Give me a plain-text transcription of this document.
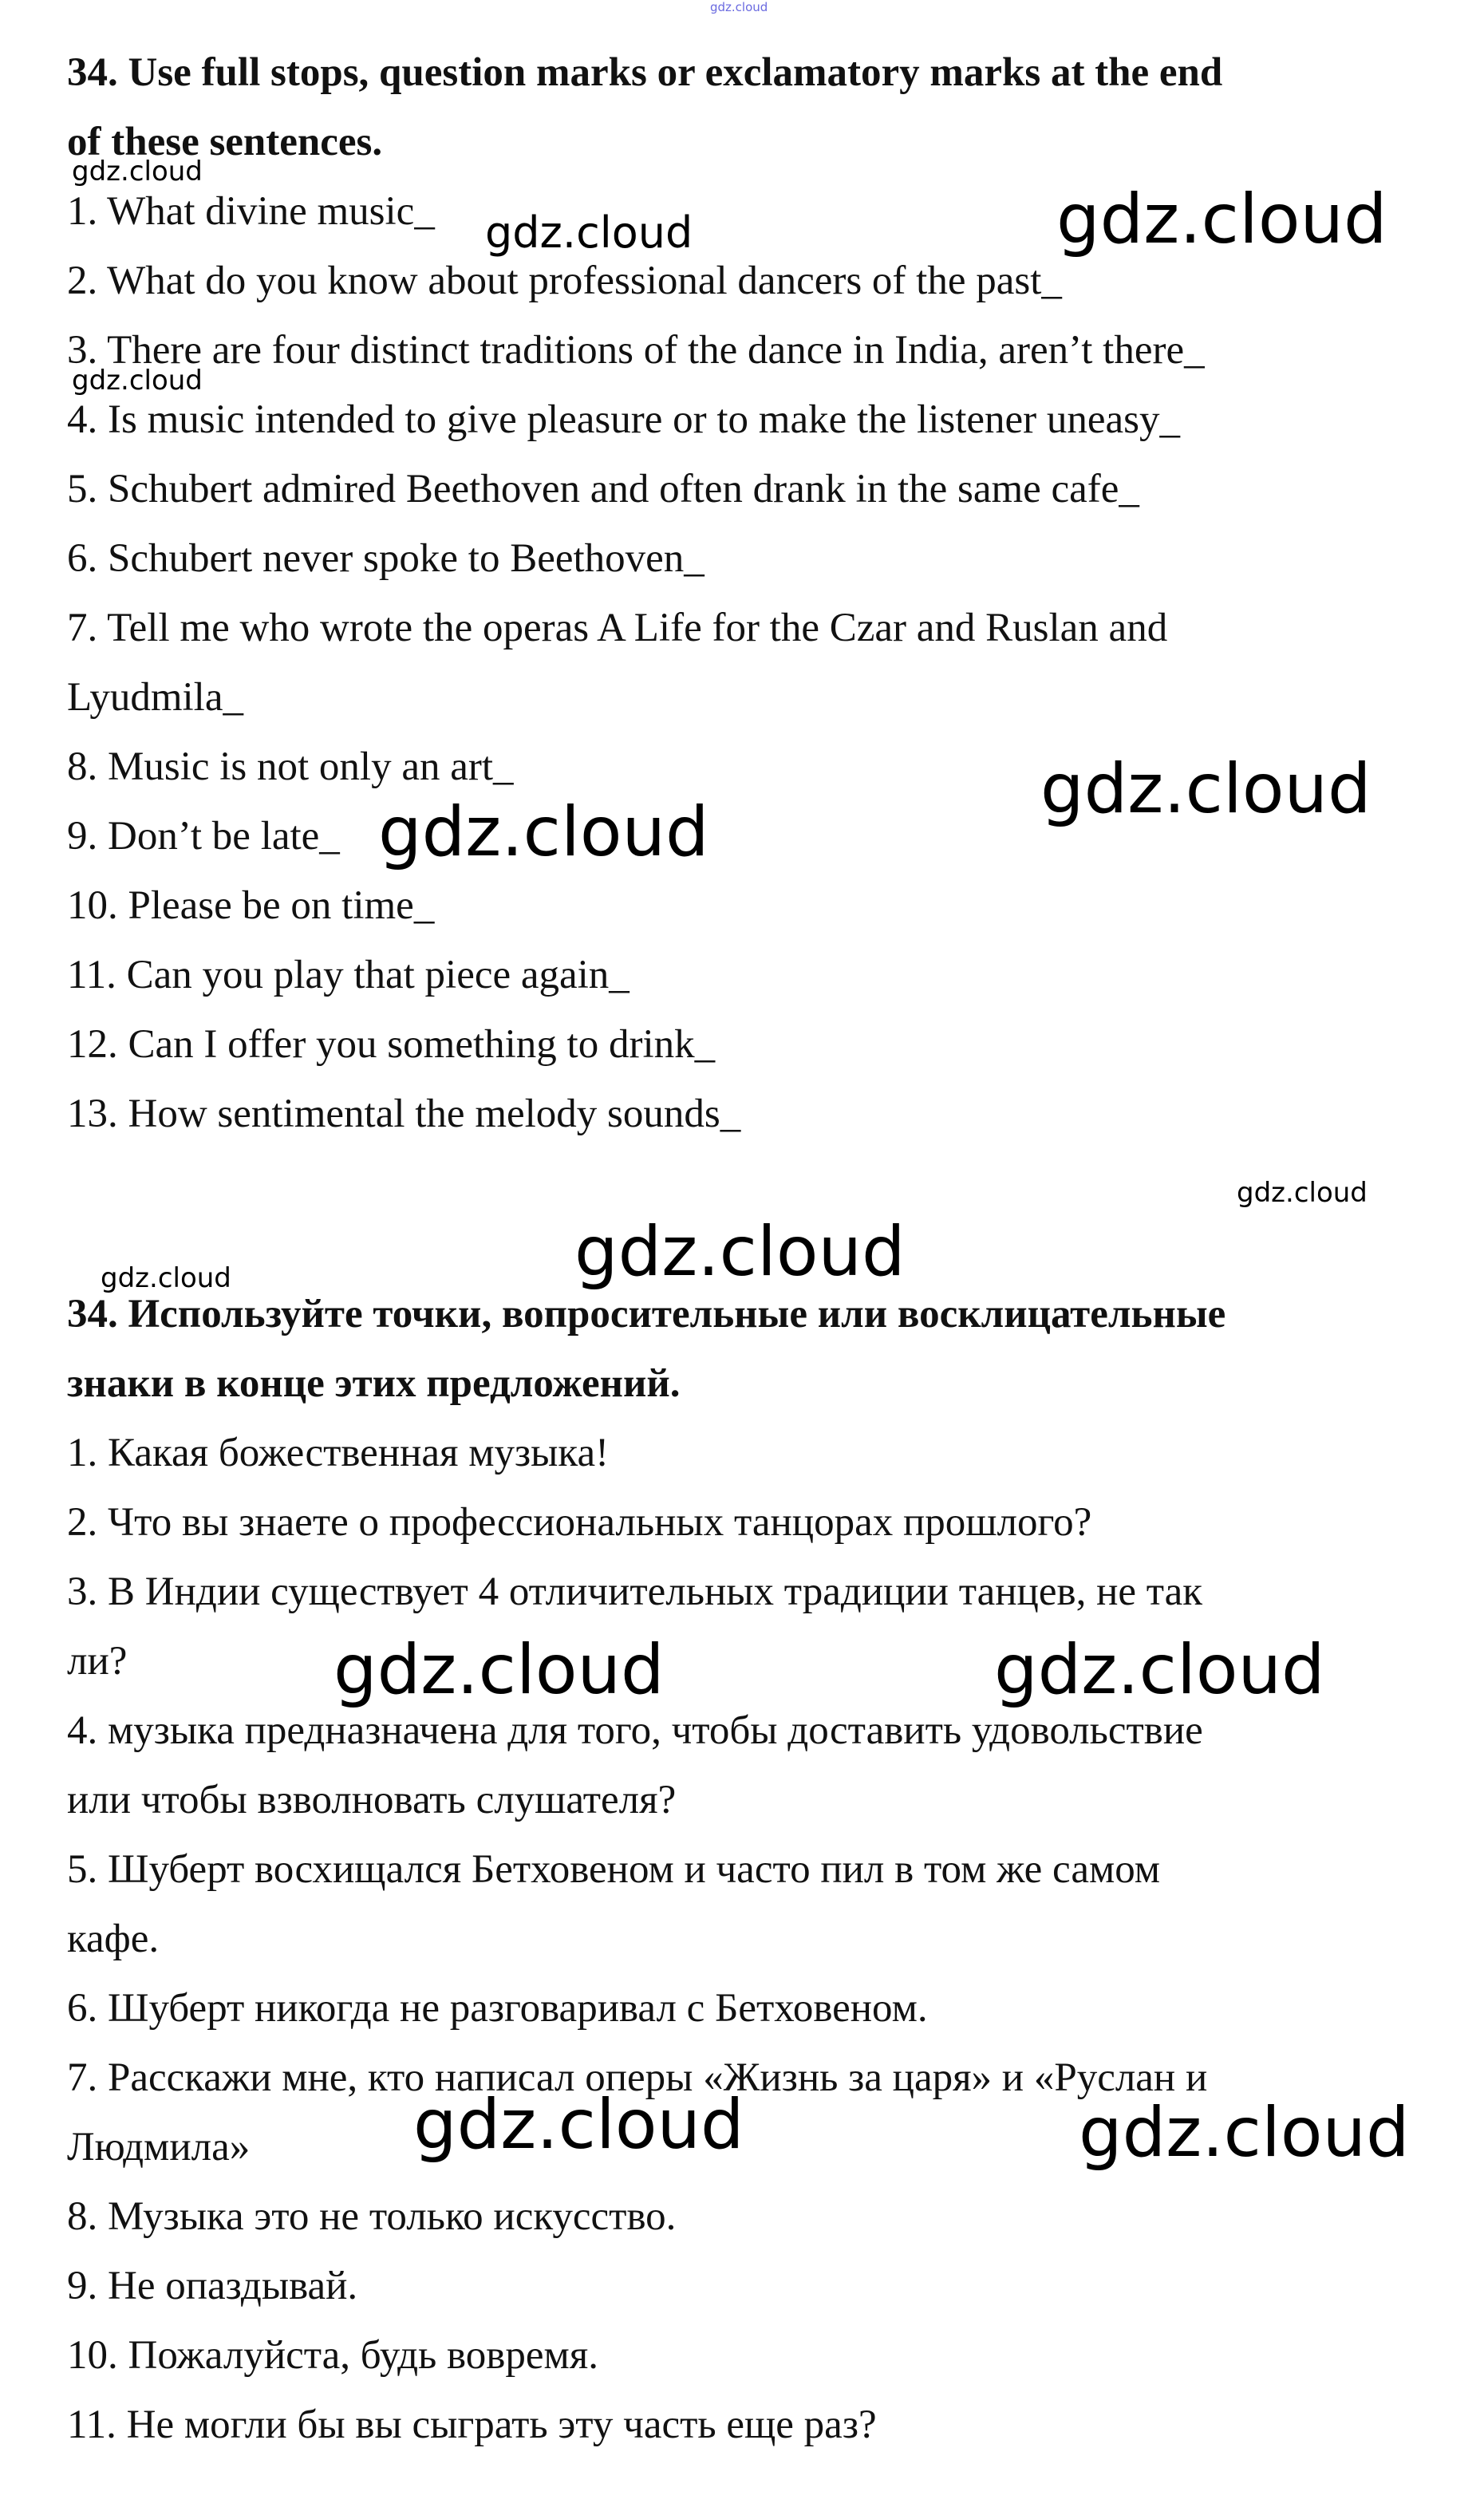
34. Use full stops, question marks or exclamatory marks at the end
of these sentences.
1. What divine music_
2. What do you know about professional dancers of the past_
3. There are four distinct traditions of the dance in India, aren’t there_
4. Is music intended to give pleasure or to make the listener uneasy_
5. Schubert admired Beethoven and often drank in the same cafe_
6. Schubert never spoke to Beethoven_
7. Tell me who wrote the operas A Life for the Czar and Ruslan and
Lyudmila_
8. Music is not only an art_
9. Don’t be late_
10. Please be on time_
11. Can you play that piece again_
12. Can I offer you something to drink_
13. How sentimental the melody sounds_
34. Используйте точки, вопросительные или восклицательные
знаки в конце этих предложений.
1. Какая божественная музыка!
2. Что вы знаете о профессиональных танцорах прошлого?
3. В Индии существует 4 отличительных традиции танцев, не так
ли?
4. музыка предназначена для того, чтобы доставить удовольствие
или чтобы взволновать слушателя?
5. Шуберт восхищался Бетховеном и часто пил в том же самом
кафе.
6. Шуберт никогда не разговаривал с Бетховеном.
7. Расскажи мне, кто написал оперы «Жизнь за царя» и «Руслан и
Людмила»
8. Музыка это не только искусство.
9. Не опаздывай.
10. Пожалуйста, будь вовремя.
11. Не могли бы вы сыграть эту часть еще раз?
gdz.cloud
gdz.cloud
gdz.cloud
gdz.cloud
gdz.cloud
gdz.cloud	gdz.cloud
gdz.cloud
gdz.cloud
gdz.cloud
gdz.cloud	gdz.cloud
gdz.cloud	gdz.cloud
